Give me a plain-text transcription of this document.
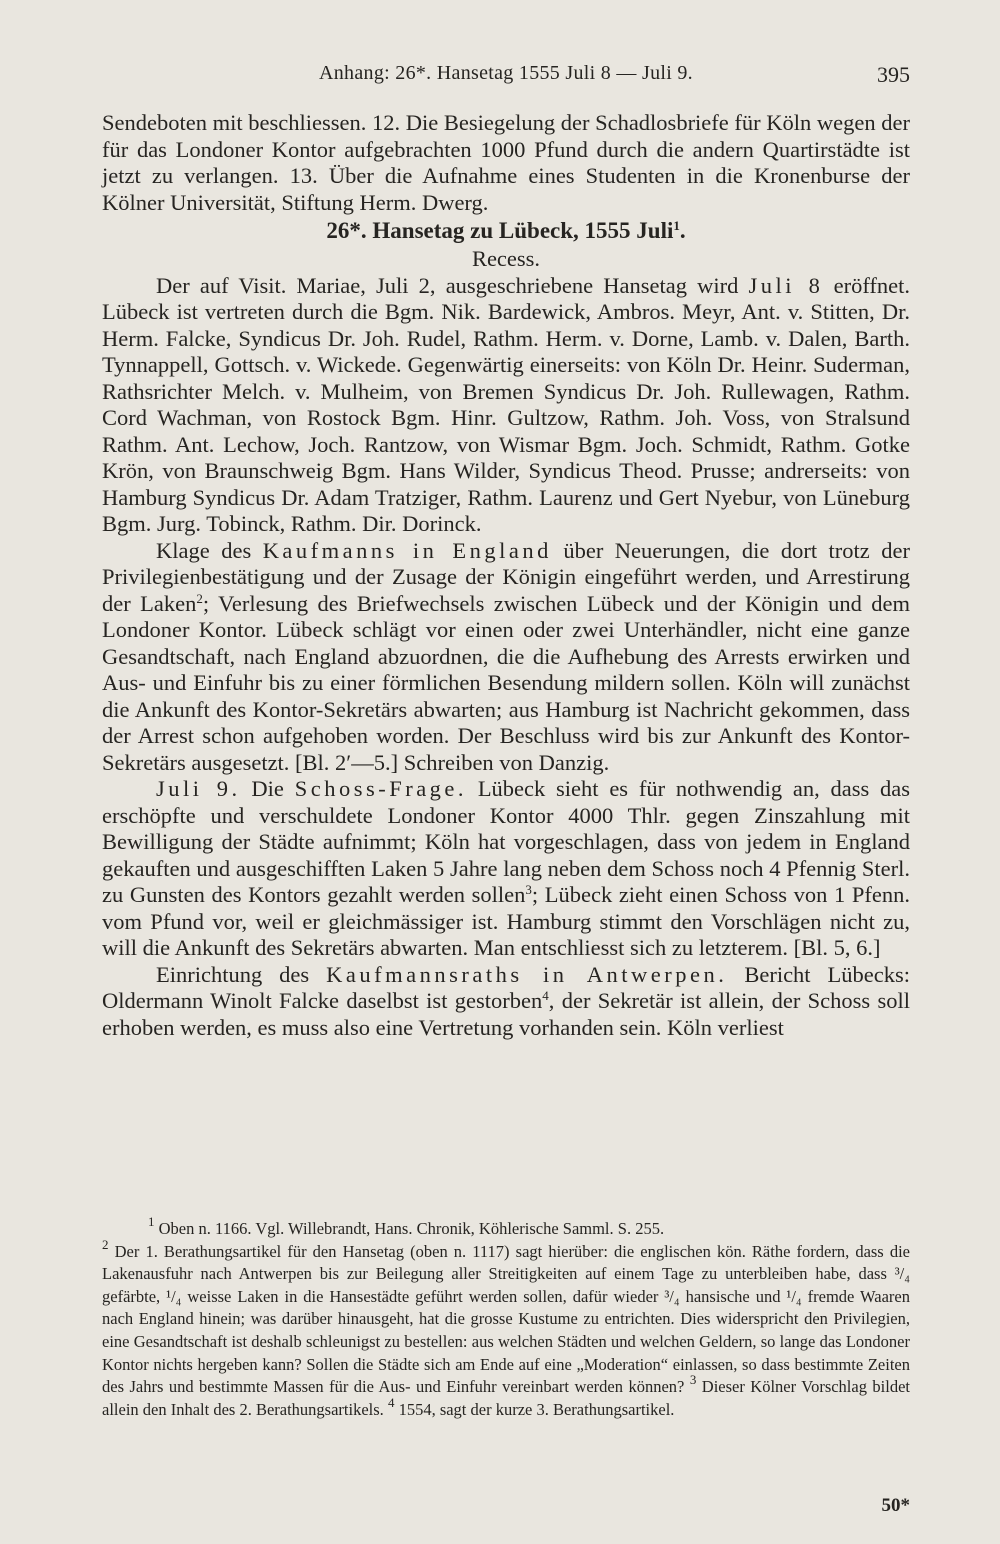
Anhang: 26*. Hansetag 1555 Juli 8 — Juli 9.	395

Sendeboten mit beschliessen. 12. Die Besiegelung der Schadlosbriefe für Köln wegen der für das Londoner Kontor aufgebrachten 1000 Pfund durch die andern Quartirstädte ist jetzt zu verlangen. 13. Über die Aufnahme eines Studenten in die Kronenburse der Kölner Universität, Stiftung Herm. Dwerg.

26*. Hansetag zu Lübeck, 1555 Juli$^1$.

Recess.

Der auf Visit. Mariae, Juli 2, ausgeschriebene Hansetag wird Juli 8 eröffnet. Lübeck ist vertreten durch die Bgm. Nik. Bardewick, Ambros. Meyr, Ant. v. Stitten, Dr. Herm. Falcke, Syndicus Dr. Joh. Rudel, Rathm. Herm. v. Dorne, Lamb. v. Dalen, Barth. Tynnappell, Gottsch. v. Wickede. Gegenwärtig einerseits: von Köln Dr. Heinr. Suderman, Rathsrichter Melch. v. Mulheim, von Bremen Syndicus Dr. Joh. Rullewagen, Rathm. Cord Wachman, von Rostock Bgm. Hinr. Gultzow, Rathm. Joh. Voss, von Stralsund Rathm. Ant. Lechow, Joch. Rantzow, von Wismar Bgm. Joch. Schmidt, Rathm. Gotke Krön, von Braunschweig Bgm. Hans Wilder, Syndicus Theod. Prusse; andrerseits: von Hamburg Syndicus Dr. Adam Tratziger, Rathm. Laurenz und Gert Nyebur, von Lüneburg Bgm. Jurg. Tobinck, Rathm. Dir. Dorinck.

Klage des Kaufmanns in England über Neuerungen, die dort trotz der Privilegienbestätigung und der Zusage der Königin eingeführt werden, und Arrestirung der Laken$^2$; Verlesung des Briefwechsels zwischen Lübeck und der Königin und dem Londoner Kontor. Lübeck schlägt vor einen oder zwei Unterhändler, nicht eine ganze Gesandtschaft, nach England abzuordnen, die die Aufhebung des Arrests erwirken und Aus- und Einfuhr bis zu einer förmlichen Besendung mildern sollen. Köln will zunächst die Ankunft des Kontor-Sekretärs abwarten; aus Hamburg ist Nachricht gekommen, dass der Arrest schon aufgehoben worden. Der Beschluss wird bis zur Ankunft des Kontor-Sekretärs ausgesetzt. [Bl. 2′—5.] Schreiben von Danzig.

Juli 9. Die Schoss-Frage. Lübeck sieht es für nothwendig an, dass das erschöpfte und verschuldete Londoner Kontor 4000 Thlr. gegen Zinszahlung mit Bewilligung der Städte aufnimmt; Köln hat vorgeschlagen, dass von jedem in England gekauften und ausgeschifften Laken 5 Jahre lang neben dem Schoss noch 4 Pfennig Sterl. zu Gunsten des Kontors gezahlt werden sollen$^3$; Lübeck zieht einen Schoss von 1 Pfenn. vom Pfund vor, weil er gleichmässiger ist. Hamburg stimmt den Vorschlägen nicht zu, will die Ankunft des Sekretärs abwarten. Man entschliesst sich zu letzterem. [Bl. 5, 6.]

Einrichtung des Kaufmannsraths in Antwerpen. Bericht Lübecks: Oldermann Winolt Falcke daselbst ist gestorben$^4$, der Sekretär ist allein, der Schoss soll erhoben werden, es muss also eine Vertretung vorhanden sein. Köln verliest

$^1$ Oben n. 1166. Vgl. Willebrandt, Hans. Chronik, Köhlerische Samml. S. 255.

$^2$ Der 1. Berathungsartikel für den Hansetag (oben n. 1117) sagt hierüber: die englischen kön. Räthe fordern, dass die Lakenausfuhr nach Antwerpen bis zur Beilegung aller Streitigkeiten auf einem Tage zu unterbleiben habe, dass ³/₄ gefärbte, ¹/₄ weisse Laken in die Hansestädte geführt werden sollen, dafür wieder ³/₄ hansische und ¹/₄ fremde Waaren nach England hinein; was darüber hinausgeht, hat die grosse Kustume zu entrichten. Dies widerspricht den Privilegien, eine Gesandtschaft ist deshalb schleunigst zu bestellen: aus welchen Städten und welchen Geldern, so lange das Londoner Kontor nichts hergeben kann? Sollen die Städte sich am Ende auf eine „Moderation“ einlassen, so dass bestimmte Zeiten des Jahrs und bestimmte Massen für die Aus- und Einfuhr vereinbart werden können? $^3$ Dieser Kölner Vorschlag bildet allein den Inhalt des 2. Berathungsartikels. $^4$ 1554, sagt der kurze 3. Berathungsartikel.

50*
